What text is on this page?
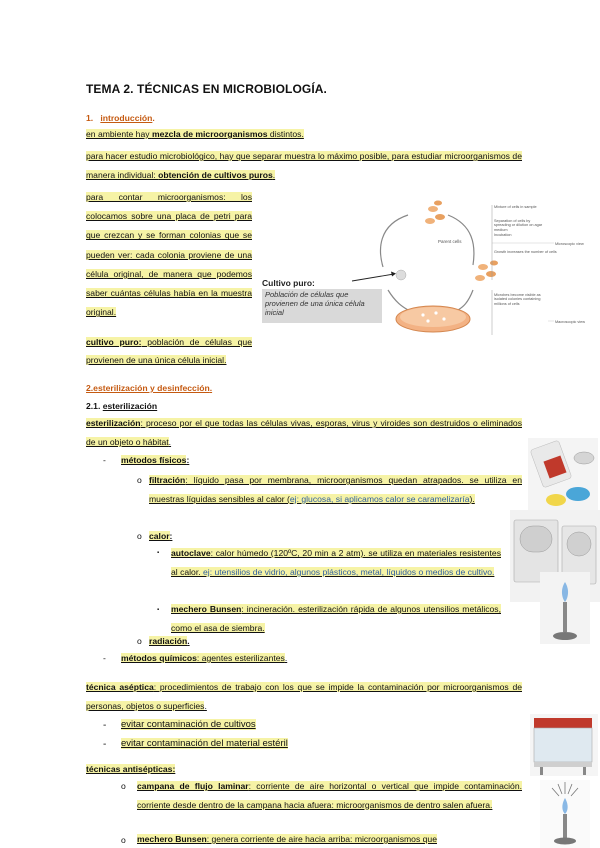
TEMA 2. TÉCNICAS EN MICROBIOLOGÍA.
1. introducción.
en ambiente hay mezcla de microorganismos distintos.
para hacer estudio microbiológico, hay que separar muestra lo máximo posible, para estudiar microorganismos de manera individual: obtención de cultivos puros.
para contar microorganismos: los colocamos sobre una placa de petri para que crezcan y se forman colonias que se pueden ver: cada colonia proviene de una célula original, de manera que podemos saber cuántas células había en la muestra original.
cultivo puro: población de células que provienen de una única célula inicial.
Parent cells
Mixture of cells in sample
Incubation
Growth increases the number of cells
Separation of cells by spreading or dilution on agar medium
Microbes become visible as isolated colonies containing millions of cells
Microscopic view
Macroscopic view
Cultivo puro:
Población de células que provienen de una única célula inicial
2.esterilización y desinfección.
2.1. esterilización
esterilización: proceso por el que todas las células vivas, esporas, virus y viroides son destruidos o eliminados de un objeto o hábitat.
- métodos físicos:
o filtración: líquido pasa por membrana, microorganismos quedan atrapados. se utiliza en muestras líquidas sensibles al calor (ej: glucosa, si aplicamos calor se caramelizaría).
o calor:
▪ autoclave: calor húmedo (120ºC, 20 min a 2 atm). se utiliza en materiales resistentes al calor. ej: utensilios de vidrio, algunos plásticos, metal, líquidos o medios de cultivo.
▪ mechero Bunsen: incineración. esterilización rápida de algunos utensilios metálicos, como el asa de siembra.
o radiación.
- métodos químicos: agentes esterilizantes.
técnica aséptica: procedimientos de trabajo con los que se impide la contaminación por microorganismos de personas, objetos o superficies.
- evitar contaminación de cultivos
- evitar contaminación del material estéril
técnicas antisépticas:
o campana de flujo laminar: corriente de aire horizontal o vertical que impide contaminación. corriente desde dentro de la campana hacia afuera: microorganismos de dentro salen afuera.
o mechero Bunsen: genera corriente de aire hacia arriba: microorganismos que
